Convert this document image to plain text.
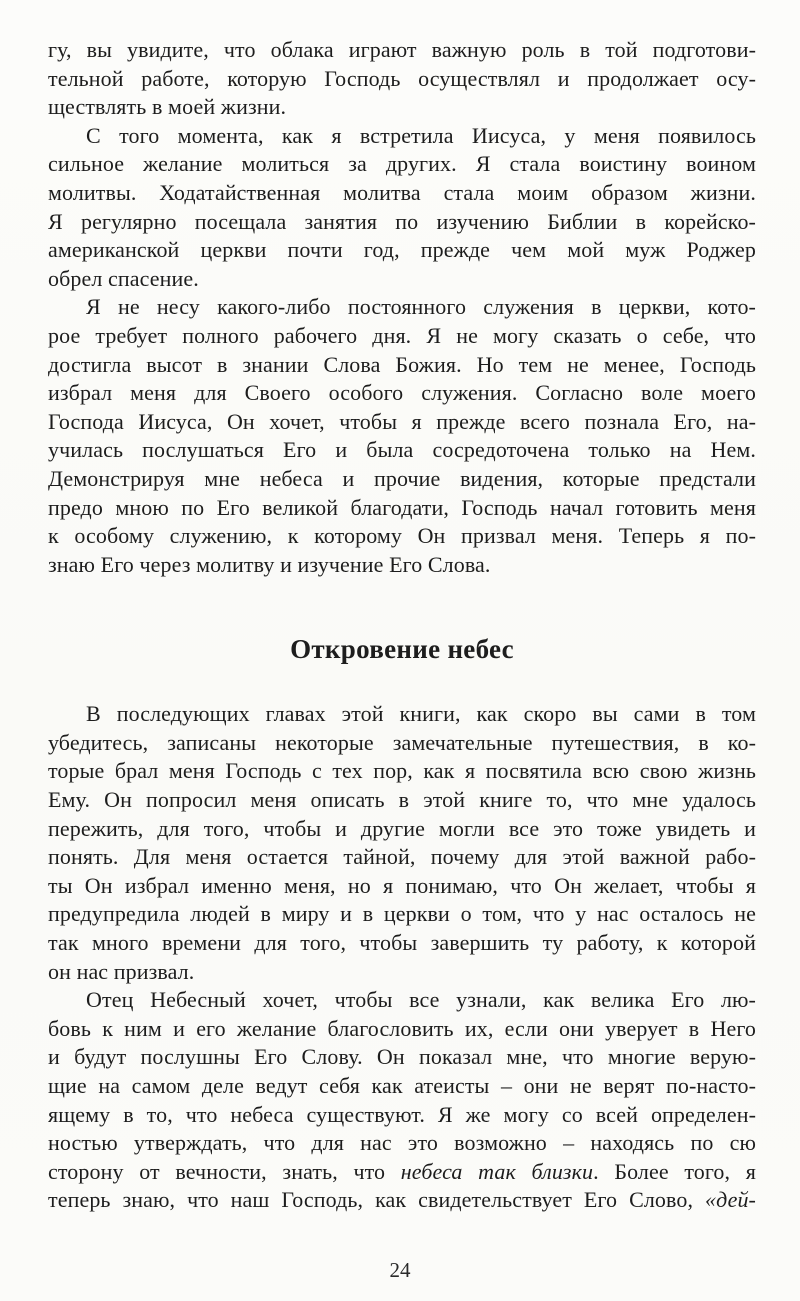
гу, вы увидите, что облака играют важную роль в той подготови-
тельной работе, которую Господь осуществлял и продолжает осу-
ществлять в моей жизни.
С того момента, как я встретила Иисуса, у меня появилось
сильное желание молиться за других. Я стала воистину воином
молитвы. Ходатайственная молитва стала моим образом жизни.
Я регулярно посещала занятия по изучению Библии в корейско-
американской церкви почти год, прежде чем мой муж Роджер
обрел спасение.
Я не несу какого-либо постоянного служения в церкви, кото-
рое требует полного рабочего дня. Я не могу сказать о себе, что
достигла высот в знании Слова Божия. Но тем не менее, Господь
избрал меня для Своего особого служения. Согласно воле моего
Господа Иисуса, Он хочет, чтобы я прежде всего познала Его, на-
училась послушаться Его и была сосредоточена только на Нем.
Демонстрируя мне небеса и прочие видения, которые предстали
предо мною по Его великой благодати, Господь начал готовить меня
к особому служению, к которому Он призвал меня. Теперь я по-
знаю Его через молитву и изучение Его Слова.
Откровение небес
В последующих главах этой книги, как скоро вы сами в том
убедитесь, записаны некоторые замечательные путешествия, в ко-
торые брал меня Господь с тех пор, как я посвятила всю свою жизнь
Ему. Он попросил меня описать в этой книге то, что мне удалось
пережить, для того, чтобы и другие могли все это тоже увидеть и
понять. Для меня остается тайной, почему для этой важной рабо-
ты Он избрал именно меня, но я понимаю, что Он желает, чтобы я
предупредила людей в миру и в церкви о том, что у нас осталось не
так много времени для того, чтобы завершить ту работу, к которой
он нас призвал.
Отец Небесный хочет, чтобы все узнали, как велика Его лю-
бовь к ним и его желание благословить их, если они уверует в Него
и будут послушны Его Слову. Он показал мне, что многие верую-
щие на самом деле ведут себя как атеисты – они не верят по-насто-
ящему в то, что небеса существуют. Я же могу со всей определен-
ностью утверждать, что для нас это возможно – находясь по сю
сторону от вечности, знать, что небеса так близки. Более того, я
теперь знаю, что наш Господь, как свидетельствует Его Слово, «дей-
24
